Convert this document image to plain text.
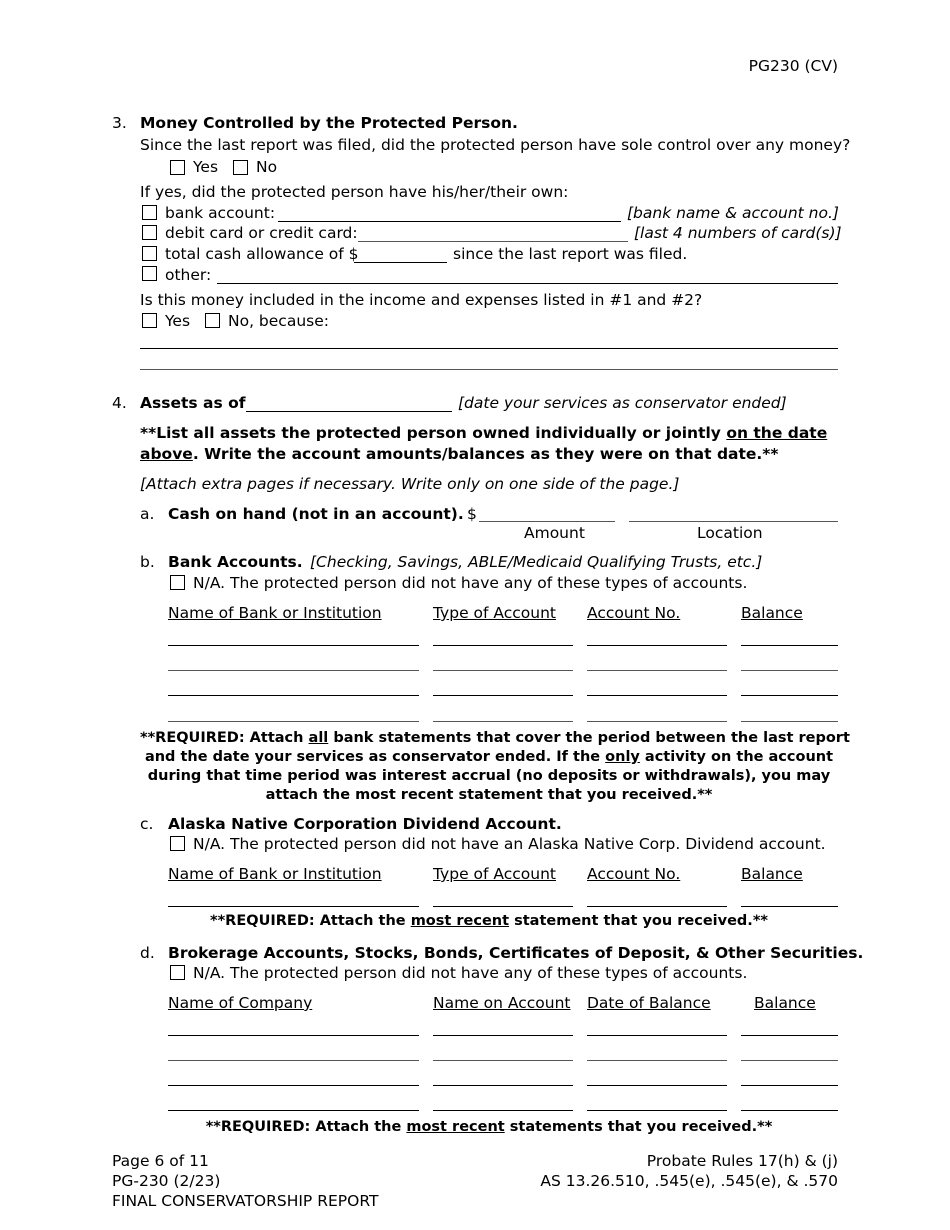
PG230 (CV)
3. Money Controlled by the Protected Person.
Since the last report was filed, did the protected person have sole control over any money?
Yes No
If yes, did the protected person have his/her/their own:
bank account:	[bank name & account no.]
debit card or credit card:	[last 4 numbers of card(s)]
total cash allowance of $	since the last report was filed.
other:
Is this money included in the income and expenses listed in #1 and #2?
Yes No, because:
4. Assets as of	[date your services as conservator ended]
**List all assets the protected person owned individually or jointly on the date
above. Write the account amounts/balances as they were on that date.**
[Attach extra pages if necessary. Write only on one side of the page.]
a. Cash on hand (not in an account). $
Amount	Location
b. Bank Accounts. [Checking, Savings, ABLE/Medicaid Qualifying Trusts, etc.]
N/A. The protected person did not have any of these types of accounts.
Name of Bank or Institution	Type of Account Account No.	Balance
**REQUIRED: Attach all bank statements that cover the period between the last report
and the date your services as conservator ended. If the only activity on the account
during that time period was interest accrual (no deposits or withdrawals), you may
attach the most recent statement that you received.**
c. Alaska Native Corporation Dividend Account.
N/A. The protected person did not have an Alaska Native Corp. Dividend account.
Name of Bank or Institution	Type of Account Account No.	Balance
**REQUIRED: Attach the most recent statement that you received.**
d. Brokerage Accounts, Stocks, Bonds, Certificates of Deposit, & Other Securities.
N/A. The protected person did not have any of these types of accounts.
Name of Company	Name on Account Date of Balance	Balance
**REQUIRED: Attach the most recent statements that you received.**
Page 6 of 11
PG-230 (2/23)
FINAL CONSERVATORSHIP REPORT
Probate Rules 17(h) & (j)
AS 13.26.510, .545(e), .545(e), & .570
